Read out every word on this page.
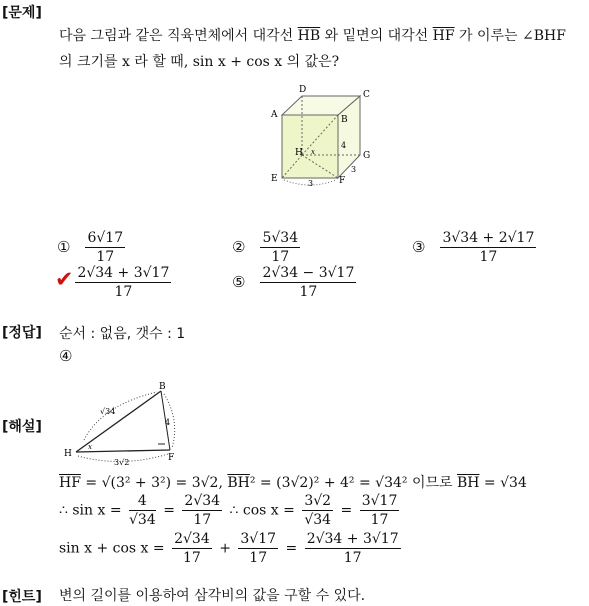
[문제]
다음 그림과 같은 직육면체에서 대각선 $\overline{HB}$ 와 밑면의 대각선 $\overline{HF}$ 가 이루는 ∠BHF
의 크기를 x 라 할 때, sin x + cos x 의 값은?
D	C
A	B
H	G
E	F
x
4
3
3
① $\frac{6√17}{17}$	② $\frac{5√34}{17}$	③ $\frac{3√34 + 2√17}{17}$
✔ $\frac{2√34 + 3√17}{17}$	⑤ $\frac{2√34 - 3√17}{17}$
[정답] 순서 : 없음, 갯수 : 1
④
[해설]
B
H	F
x
√34
4
3√2
$\overline{HF} = √(3^2 + 3^2) = 3√2$, $\overline{BH}^2 = (3√2)^2 + 4^2 = √34^2$ 이므로 $\overline{BH} = √34$
∴ $\sin x = \frac{4}{√34} = \frac{2√34}{17}$ ∴ $\cos x = \frac{3√2}{√34} = \frac{3√17}{17}$
$\sin x + \cos x = \frac{2√34}{17} + \frac{3√17}{17} = \frac{2√34 + 3√17}{17}$
[힌트] 변의 길이를 이용하여 삼각비의 값을 구할 수 있다.
